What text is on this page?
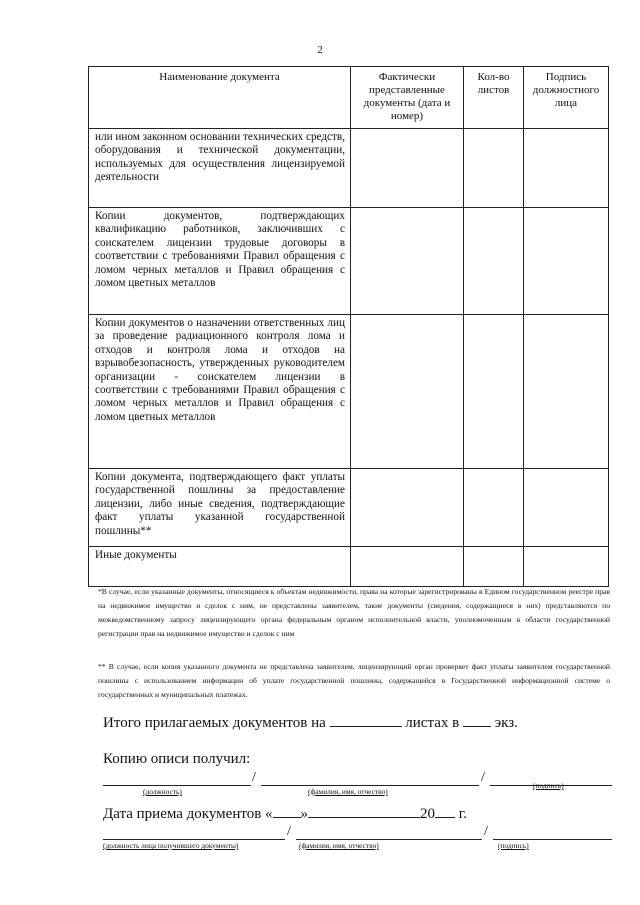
2
Наименование документа	Фактически представленные документы (дата и номер)	Кол-во листов	Подпись должностного лица
или ином законном основании технических средств, оборудования и технической документации, используемых для осуществления лицензируемой деятельности			
Копии документов, подтверждающих квалификацию работников, заключивших с соискателем лицензии трудовые договоры в соответствии с требованиями Правил обращения с ломом черных металлов и Правил обращения с ломом цветных металлов			
Копии документов о назначении ответственных лиц за проведение радиационного контроля лома и отходов и контроля лома и отходов на взрывобезопасность, утвержденных руководителем организации - соискателем лицензии в соответствии с требованиями Правил обращения с ломом черных металлов и Правил обращения с ломом цветных металлов			
Копии документа, подтверждающего факт уплаты государственной пошлины за предоставление лицензии, либо иные сведения, подтверждающие факт уплаты указанной государственной пошлины**			
Иные документы			
*В случае, если указанные документы, относящиеся к объектам недвижимости, права на которые зарегистрированы в Едином государственном реестре прав на недвижимое имущество и сделок с ним, не представлены заявителем, такие документы (сведения, содержащиеся в них) представляются по межведомственному запросу лицензирующего органа федеральным органом исполнительной власти, уполномоченным в области государственной регистрации прав на недвижимое имущество и сделок с ним
** В случае, если копия указанного документа не представлена заявителем, лицензирующий орган проверяет факт уплаты заявителем государственной пошлины с использованием информации об уплате государственной пошлины, содержащейся в Государственной информационной системе о государственных и муниципальных платежах.
Итого прилагаемых документов на	листах в экз.
Копию описи получил:
/	/
(должность)	(фамилия, имя, отчество)
(подпись)
Дата приема документов « »	20 г.
/	/
(должность лица получившего документы)	(фамилия, имя, отчество)	(подпись)
